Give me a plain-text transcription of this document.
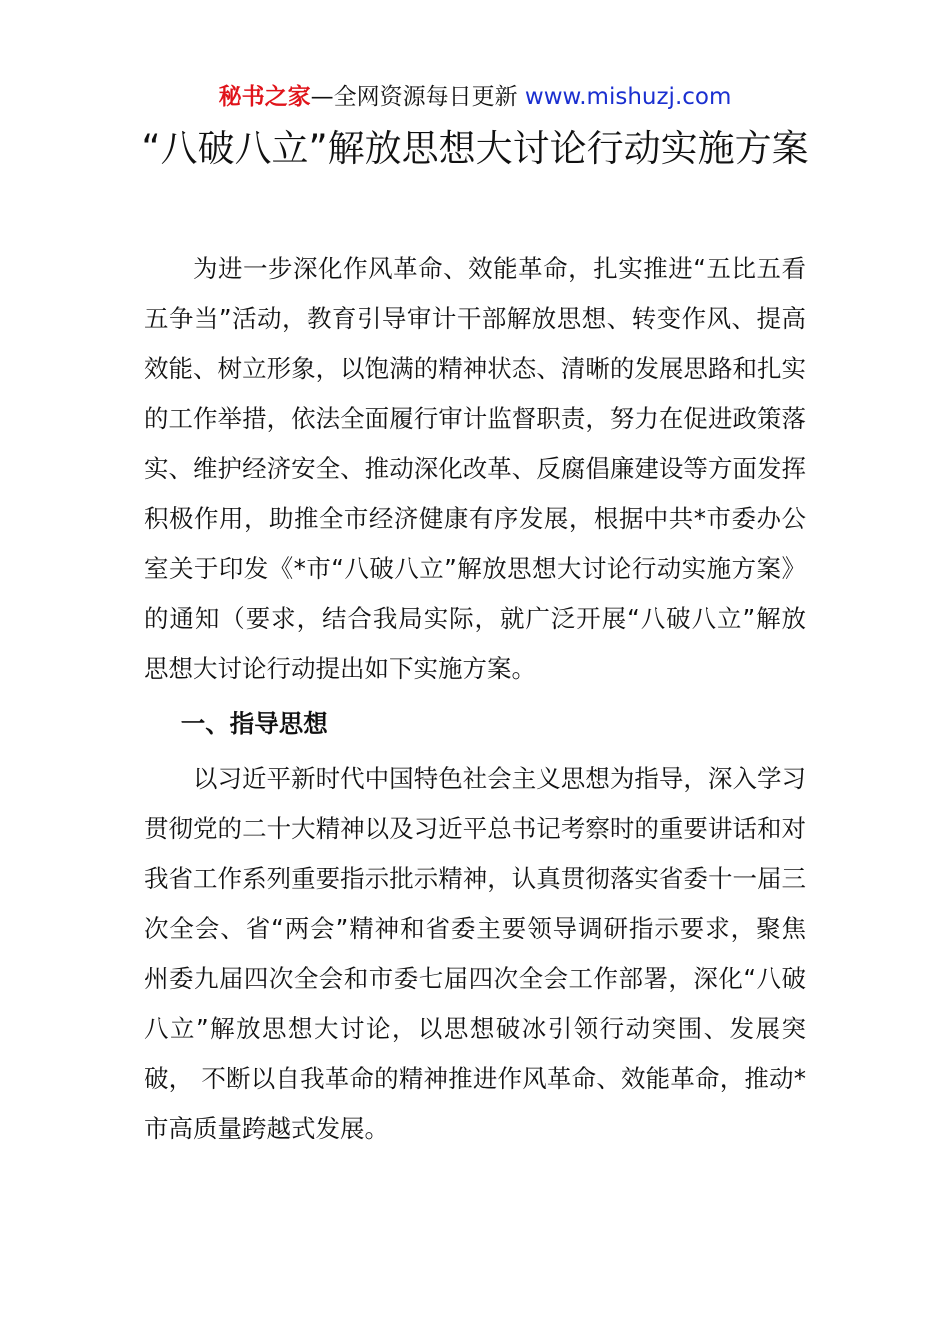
秘书之家—全网资源每日更新 www.mishuzj.com
“八破八立”解放思想大讨论行动实施方案

为进一步深化作风革命、效能革命，扎实推进“五比五看五争当”活动，教育引导审计干部解放思想、转变作风、提高效能、树立形象，以饱满的精神状态、清晰的发展思路和扎实的工作举措，依法全面履行审计监督职责，努力在促进政策落实、维护经济安全、推动深化改革、反腐倡廉建设等方面发挥积极作用，助推全市经济健康有序发展，根据中共*市委办公室关于印发《*市“八破八立”解放思想大讨论行动实施方案》的通知（要求，结合我局实际，就广泛开展“八破八立”解放思想大讨论行动提出如下实施方案。

一、指导思想

以习近平新时代中国特色社会主义思想为指导，深入学习贯彻党的二十大精神以及习近平总书记考察时的重要讲话和对我省工作系列重要指示批示精神，认真贯彻落实省委十一届三次全会、省“两会”精神和省委主要领导调研指示要求，聚焦州委九届四次全会和市委七届四次全会工作部署，深化“八破八立”解放思想大讨论，以思想破冰引领行动突围、发展突破， 不断以自我革命的精神推进作风革命、效能革命，推动*市高质量跨越式发展。
